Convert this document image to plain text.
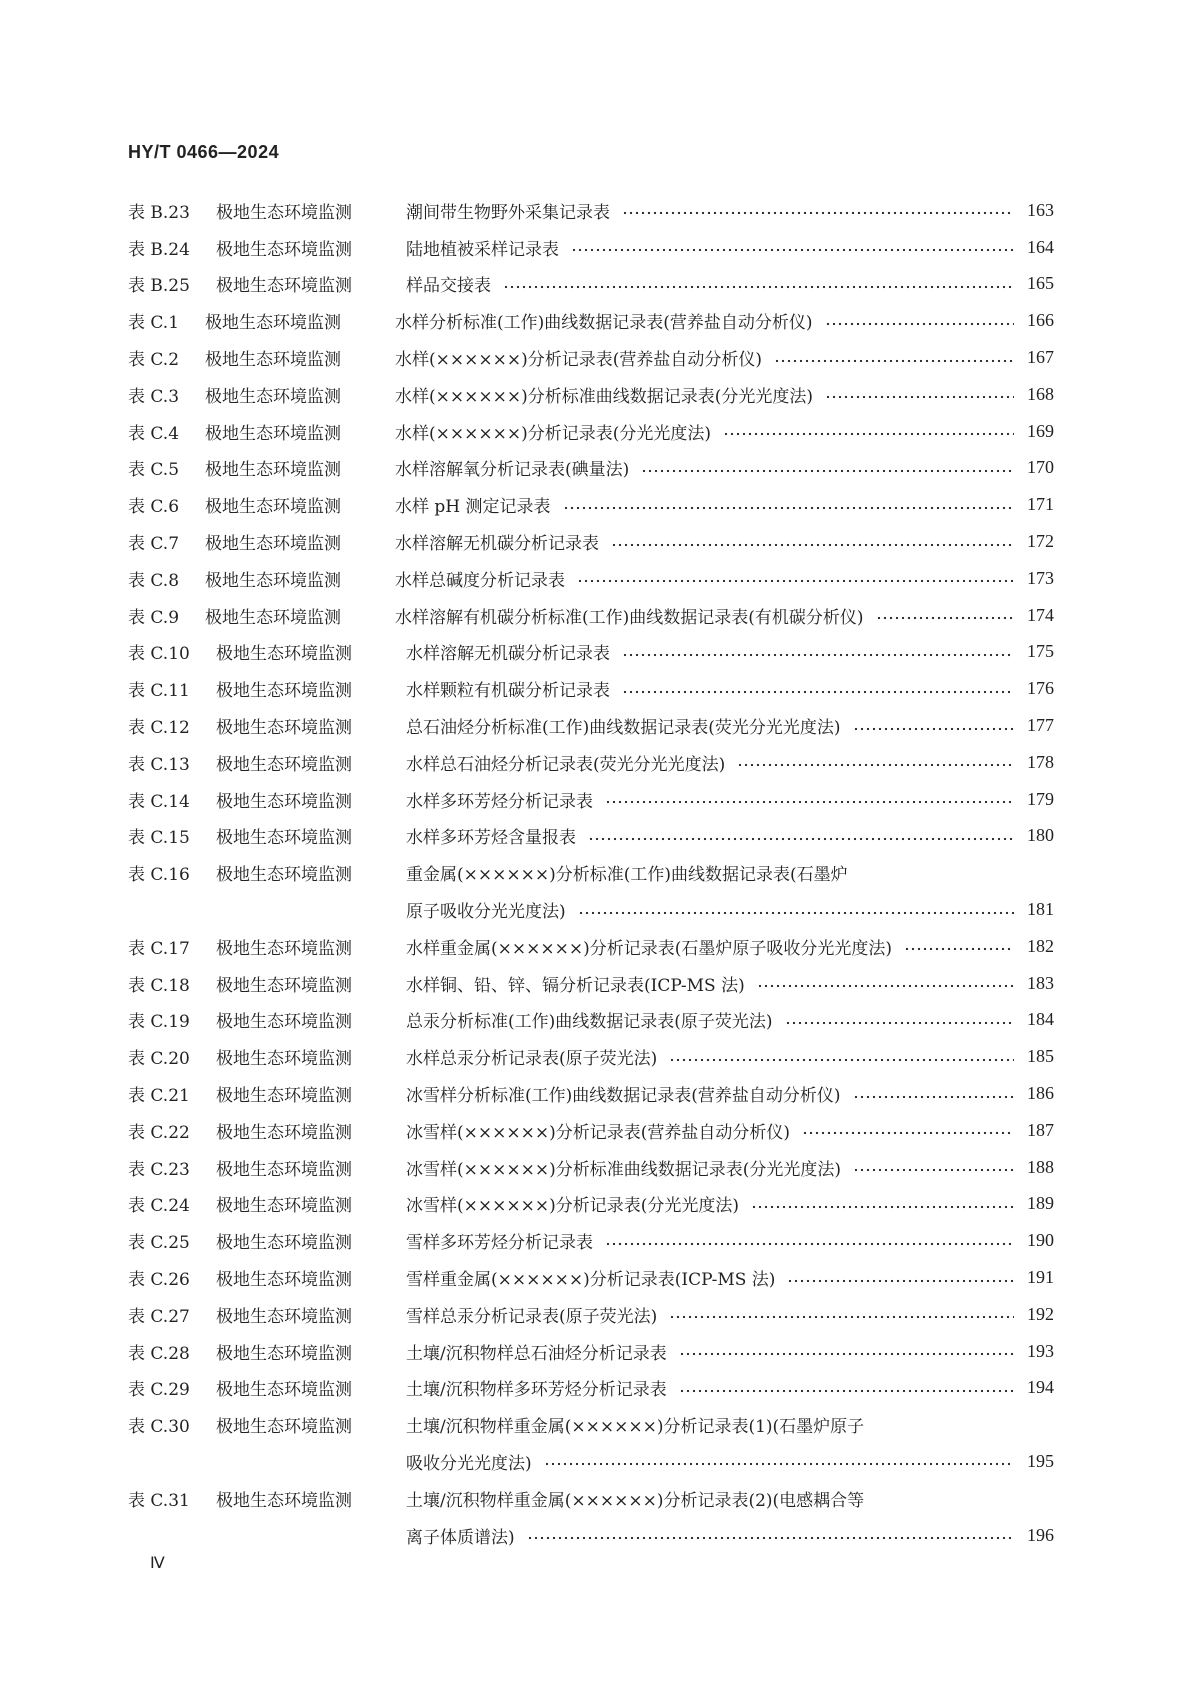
HY/T 0466—2024
表 B.23	极地生态环境监测	潮间带生物野外采集记录表	163
表 B.24	极地生态环境监测	陆地植被采样记录表	164
表 B.25	极地生态环境监测	样品交接表	165
表 C.1	极地生态环境监测	水样分析标准(工作)曲线数据记录表(营养盐自动分析仪)	166
表 C.2	极地生态环境监测	水样(××××××)分析记录表(营养盐自动分析仪)	167
表 C.3	极地生态环境监测	水样(××××××)分析标准曲线数据记录表(分光光度法)	168
表 C.4	极地生态环境监测	水样(××××××)分析记录表(分光光度法)	169
表 C.5	极地生态环境监测	水样溶解氧分析记录表(碘量法)	170
表 C.6	极地生态环境监测	水样 pH 测定记录表	171
表 C.7	极地生态环境监测	水样溶解无机碳分析记录表	172
表 C.8	极地生态环境监测	水样总碱度分析记录表	173
表 C.9	极地生态环境监测	水样溶解有机碳分析标准(工作)曲线数据记录表(有机碳分析仪)	174
表 C.10	极地生态环境监测	水样溶解无机碳分析记录表	175
表 C.11	极地生态环境监测	水样颗粒有机碳分析记录表	176
表 C.12	极地生态环境监测	总石油烃分析标准(工作)曲线数据记录表(荧光分光光度法)	177
表 C.13	极地生态环境监测	水样总石油烃分析记录表(荧光分光光度法)	178
表 C.14	极地生态环境监测	水样多环芳烃分析记录表	179
表 C.15	极地生态环境监测	水样多环芳烃含量报表	180
表 C.16	极地生态环境监测	重金属(××××××)分析标准(工作)曲线数据记录表(石墨炉
原子吸收分光光度法)	181
表 C.17	极地生态环境监测	水样重金属(××××××)分析记录表(石墨炉原子吸收分光光度法)	182
表 C.18	极地生态环境监测	水样铜、铅、锌、镉分析记录表(ICP-MS 法)	183
表 C.19	极地生态环境监测	总汞分析标准(工作)曲线数据记录表(原子荧光法)	184
表 C.20	极地生态环境监测	水样总汞分析记录表(原子荧光法)	185
表 C.21	极地生态环境监测	冰雪样分析标准(工作)曲线数据记录表(营养盐自动分析仪)	186
表 C.22	极地生态环境监测	冰雪样(××××××)分析记录表(营养盐自动分析仪)	187
表 C.23	极地生态环境监测	冰雪样(××××××)分析标准曲线数据记录表(分光光度法)	188
表 C.24	极地生态环境监测	冰雪样(××××××)分析记录表(分光光度法)	189
表 C.25	极地生态环境监测	雪样多环芳烃分析记录表	190
表 C.26	极地生态环境监测	雪样重金属(××××××)分析记录表(ICP-MS 法)	191
表 C.27	极地生态环境监测	雪样总汞分析记录表(原子荧光法)	192
表 C.28	极地生态环境监测	土壤/沉积物样总石油烃分析记录表	193
表 C.29	极地生态环境监测	土壤/沉积物样多环芳烃分析记录表	194
表 C.30	极地生态环境监测	土壤/沉积物样重金属(××××××)分析记录表(1)(石墨炉原子
吸收分光光度法)	195
表 C.31	极地生态环境监测	土壤/沉积物样重金属(××××××)分析记录表(2)(电感耦合等
离子体质谱法)	196
Ⅳ
